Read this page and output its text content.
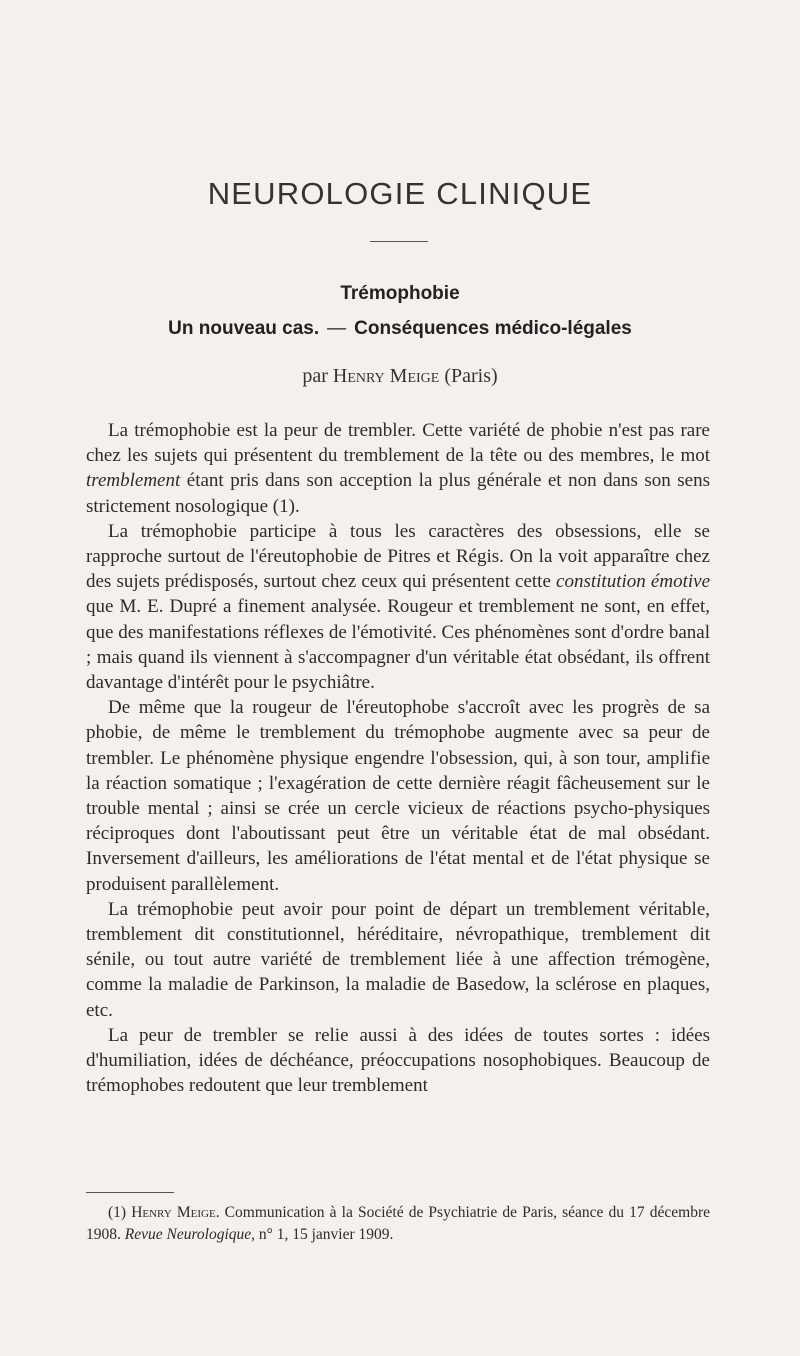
NEUROLOGIE CLINIQUE
Trémophobie
Un nouveau cas. — Conséquences médico-légales
par Henry Meige (Paris)

La trémophobie est la peur de trembler. Cette variété de phobie n'est pas rare chez les sujets qui présentent du tremblement de la tête ou des membres, le mot tremblement étant pris dans son acception la plus générale et non dans son sens strictement nosologique (1).

La trémophobie participe à tous les caractères des obsessions, elle se rapproche surtout de l'éreutophobie de Pitres et Régis. On la voit apparaître chez des sujets prédisposés, surtout chez ceux qui présentent cette constitution émotive que M. E. Dupré a finement analysée. Rougeur et tremblement ne sont, en effet, que des manifestations réflexes de l'émotivité. Ces phénomènes sont d'ordre banal ; mais quand ils viennent à s'accompagner d'un véritable état obsédant, ils offrent davantage d'intérêt pour le psychiâtre.

De même que la rougeur de l'éreutophobe s'accroît avec les progrès de sa phobie, de même le tremblement du trémophobe augmente avec sa peur de trembler. Le phénomène physique engendre l'obsession, qui, à son tour, amplifie la réaction somatique ; l'exagération de cette dernière réagit fâcheusement sur le trouble mental ; ainsi se crée un cercle vicieux de réactions psycho-physiques réciproques dont l'aboutissant peut être un véritable état de mal obsédant. Inversement d'ailleurs, les améliorations de l'état mental et de l'état physique se produisent parallèlement.

La trémophobie peut avoir pour point de départ un tremblement véritable, tremblement dit constitutionnel, héréditaire, névropathique, tremblement dit sénile, ou tout autre variété de tremblement liée à une affection trémogène, comme la maladie de Parkinson, la maladie de Basedow, la sclérose en plaques, etc.

La peur de trembler se relie aussi à des idées de toutes sortes : idées d'humiliation, idées de déchéance, préoccupations nosophobiques. Beaucoup de trémophobes redoutent que leur tremblement

(1) Henry Meige. Communication à la Société de Psychiatrie de Paris, séance du 17 décembre 1908. Revue Neurologique, n° 1, 15 janvier 1909.
